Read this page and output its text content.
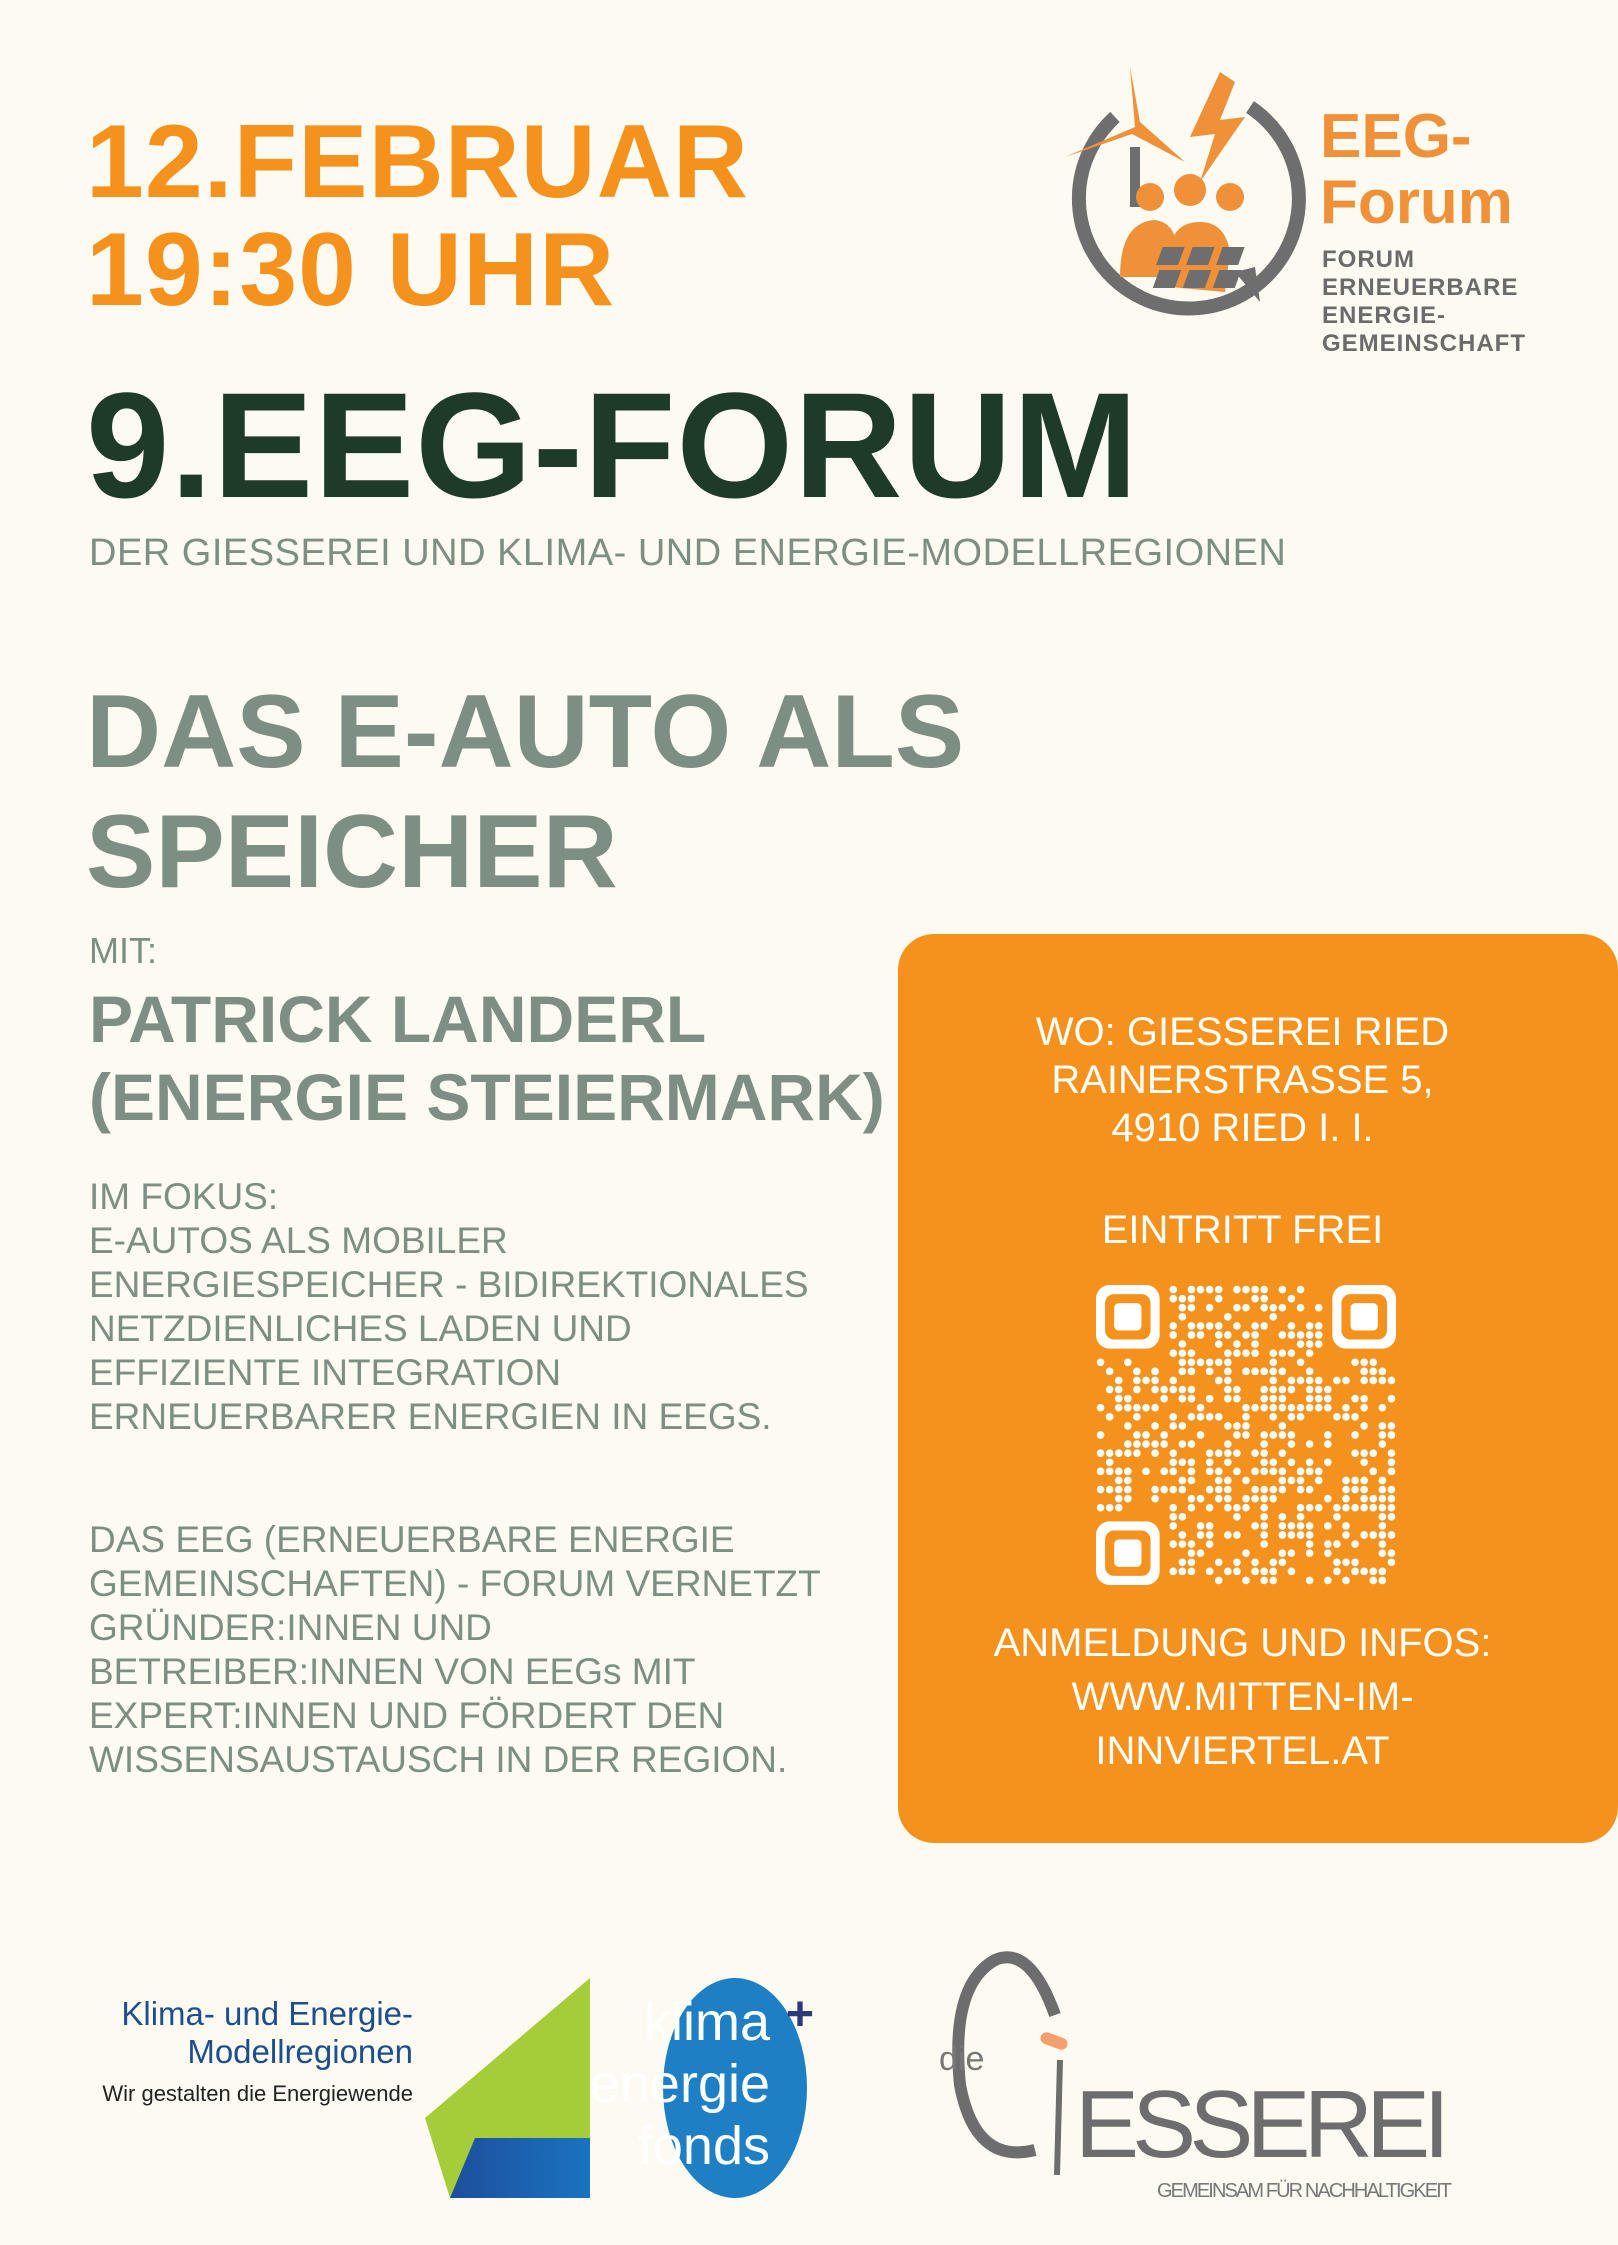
12.FEBRUAR
19:30 UHR
EEG-
Forum
FORUM
ERNEUERBARE
ENERGIE-
GEMEINSCHAFT
9.EEG-FORUM
DER GIESSEREI UND KLIMA- UND ENERGIE-MODELLREGIONEN
DAS E-AUTO ALS
SPEICHER
MIT:
PATRICK LANDERL
(ENERGIE STEIERMARK)
IM FOKUS:
E-AUTOS ALS MOBILER
ENERGIESPEICHER - BIDIREKTIONALES
NETZDIENLICHES LADEN UND
EFFIZIENTE INTEGRATION
ERNEUERBARER ENERGIEN IN EEGS.
DAS EEG (ERNEUERBARE ENERGIE
GEMEINSCHAFTEN) - FORUM VERNETZT
GRÜNDER:INNEN UND
BETREIBER:INNEN VON EEGs MIT
EXPERT:INNEN UND FÖRDERT DEN
WISSENSAUSTAUSCH IN DER REGION.
WO: GIESSEREI RIED
RAINERSTRASSE 5,
4910 RIED I. I.
EINTRITT FREI
ANMELDUNG UND INFOS:
WWW.MITTEN-IM-
INNVIERTEL.AT
Klima- und Energie-
Modellregionen
Wir gestalten die Energiewende
klima
energie
fonds
+
die
ESSEREI
GEMEINSAM FÜR NACHHALTIGKEIT
